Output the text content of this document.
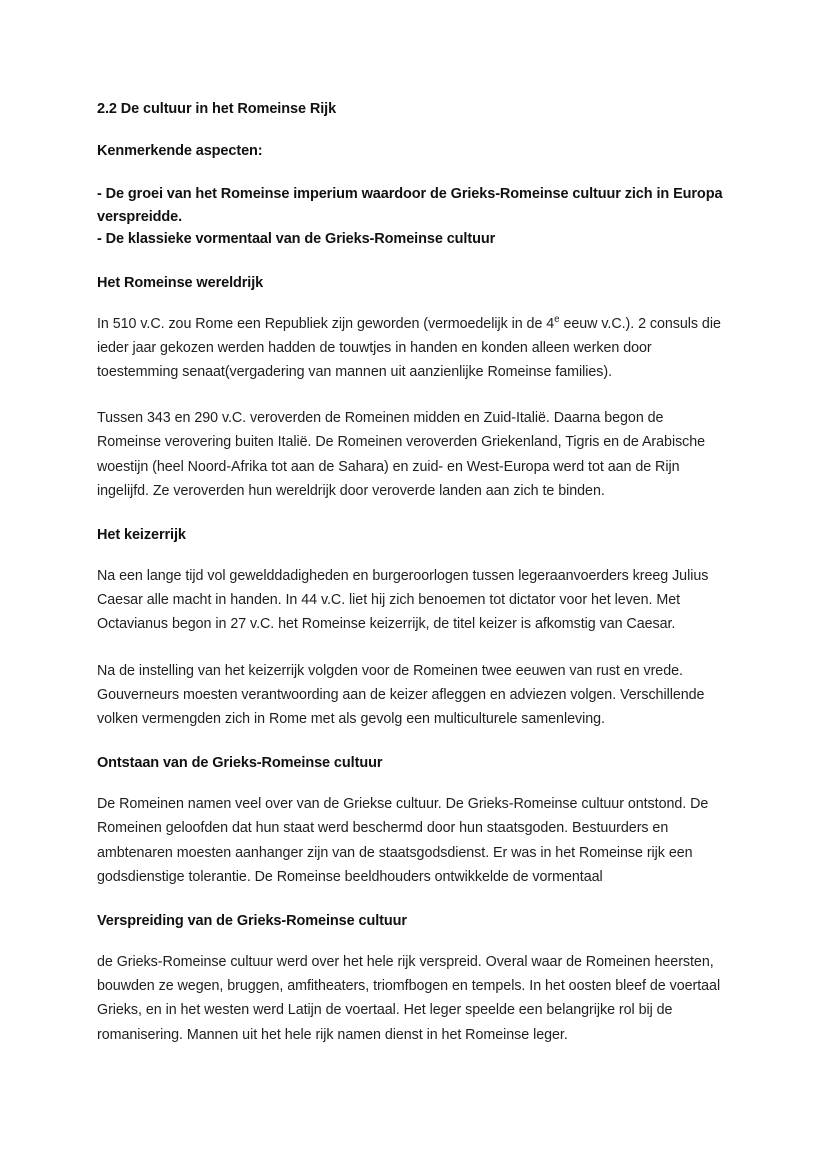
2.2 De cultuur in het Romeinse Rijk
Kenmerkende aspecten:
- De groei van het Romeinse imperium waardoor de Grieks-Romeinse cultuur zich in Europa verspreidde.
- De klassieke vormentaal van de Grieks-Romeinse cultuur
Het Romeinse wereldrijk

In 510 v.C. zou Rome een Republiek zijn geworden (vermoedelijk in de 4e eeuw v.C.). 2 consuls die ieder jaar gekozen werden hadden de touwtjes in handen en konden alleen werken door toestemming senaat(vergadering van mannen uit aanzienlijke Romeinse families).

Tussen 343 en 290 v.C. veroverden de Romeinen midden en Zuid-Italië. Daarna begon de Romeinse verovering buiten Italië. De Romeinen veroverden Griekenland, Tigris en de Arabische woestijn (heel Noord-Afrika tot aan de Sahara) en zuid- en West-Europa werd tot aan de Rijn ingelijfd. Ze veroverden hun wereldrijk door veroverde landen aan zich te binden.

Het keizerrijk

Na een lange tijd vol gewelddadigheden en burgeroorlogen tussen legeraanvoerders kreeg Julius Caesar alle macht in handen. In 44 v.C. liet hij zich benoemen tot dictator voor het leven. Met Octavianus begon in 27 v.C. het Romeinse keizerrijk, de titel keizer is afkomstig van Caesar.

Na de instelling van het keizerrijk volgden voor de Romeinen twee eeuwen van rust en vrede. Gouverneurs moesten verantwoording aan de keizer afleggen en adviezen volgen. Verschillende volken vermengden zich in Rome met als gevolg een multiculturele samenleving.

Ontstaan van de Grieks-Romeinse cultuur

De Romeinen namen veel over van de Griekse cultuur. De Grieks-Romeinse cultuur ontstond. De Romeinen geloofden dat hun staat werd beschermd door hun staatsgoden. Bestuurders en ambtenaren moesten aanhanger zijn van de staatsgodsdienst. Er was in het Romeinse rijk een godsdienstige tolerantie. De Romeinse beeldhouders ontwikkelde de vormentaal

Verspreiding van de Grieks-Romeinse cultuur

de Grieks-Romeinse cultuur werd over het hele rijk verspreid. Overal waar de Romeinen heersten, bouwden ze wegen, bruggen, amfitheaters, triomfbogen en tempels. In het oosten bleef de voertaal Grieks, en in het westen werd Latijn de voertaal. Het leger speelde een belangrijke rol bij de romanisering. Mannen uit het hele rijk namen dienst in het Romeinse leger.
